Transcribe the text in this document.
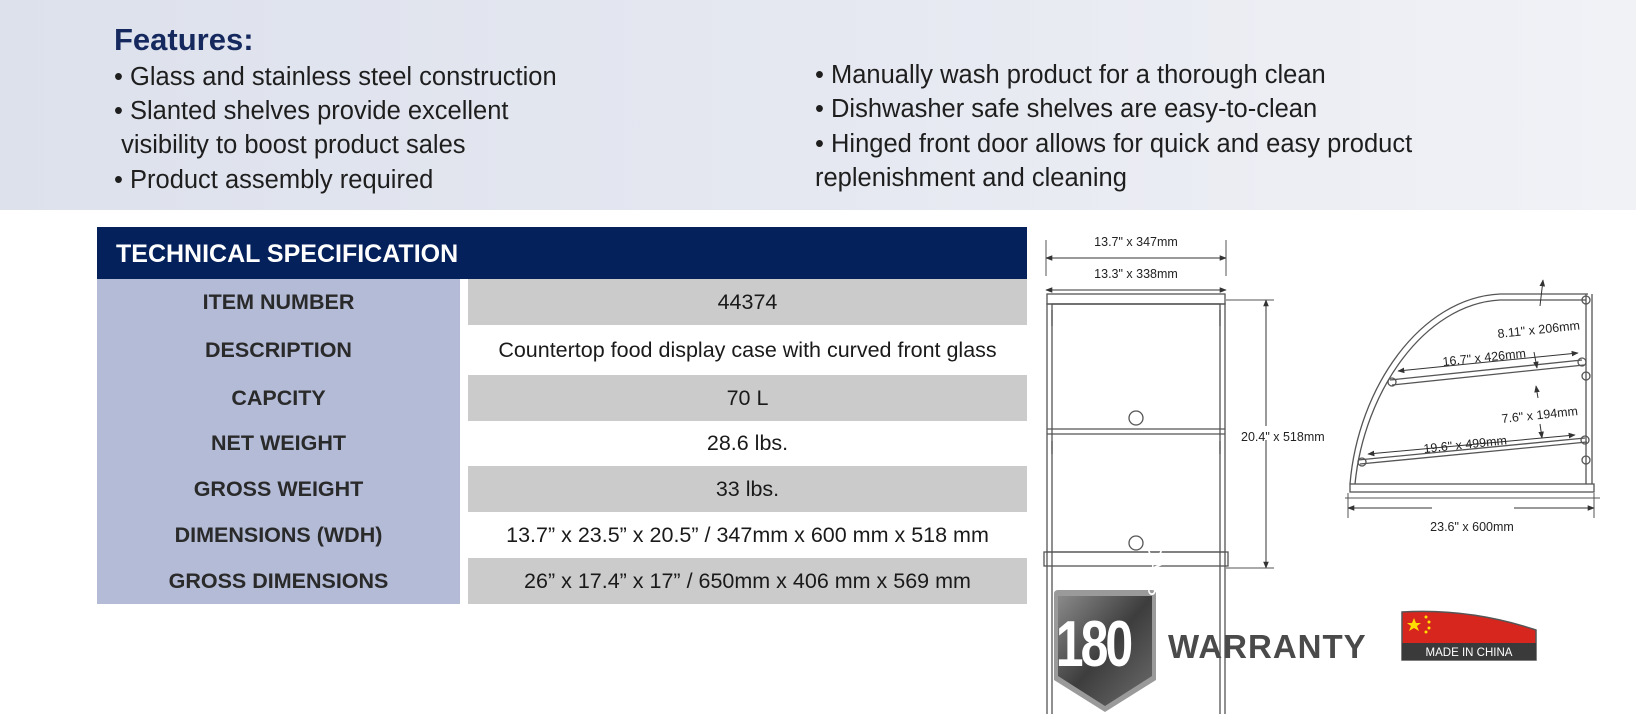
Features:
• Glass and stainless steel construction
• Slanted shelves provide excellent
visibility to boost product sales
• Product assembly required
• Manually wash product for a thorough clean
• Dishwasher safe shelves are easy-to-clean
• Hinged front door allows for quick and easy product
replenishment and cleaning
TECHNICAL SPECIFICATION
ITEM NUMBER	44374
DESCRIPTION	Countertop food display case with curved front glass
CAPCITY	70 L
NET WEIGHT	28.6 lbs.
GROSS WEIGHT	33 lbs.
DIMENSIONS (WDH)	13.7” x 23.5” x 20.5” / 347mm x 600 mm x 518 mm
GROSS DIMENSIONS	26” x 17.4” x 17” / 650mm x 406 mm x 569 mm
13.7" x 347mm
13.3" x 338mm
20.4" x 518mm
8.11" x 206mm
16.7" x 426mm
7.6" x 194mm
19.6" x 499mm
23.6" x 600mm
180
DAYS
WARRANTY	MADE IN CHINA
